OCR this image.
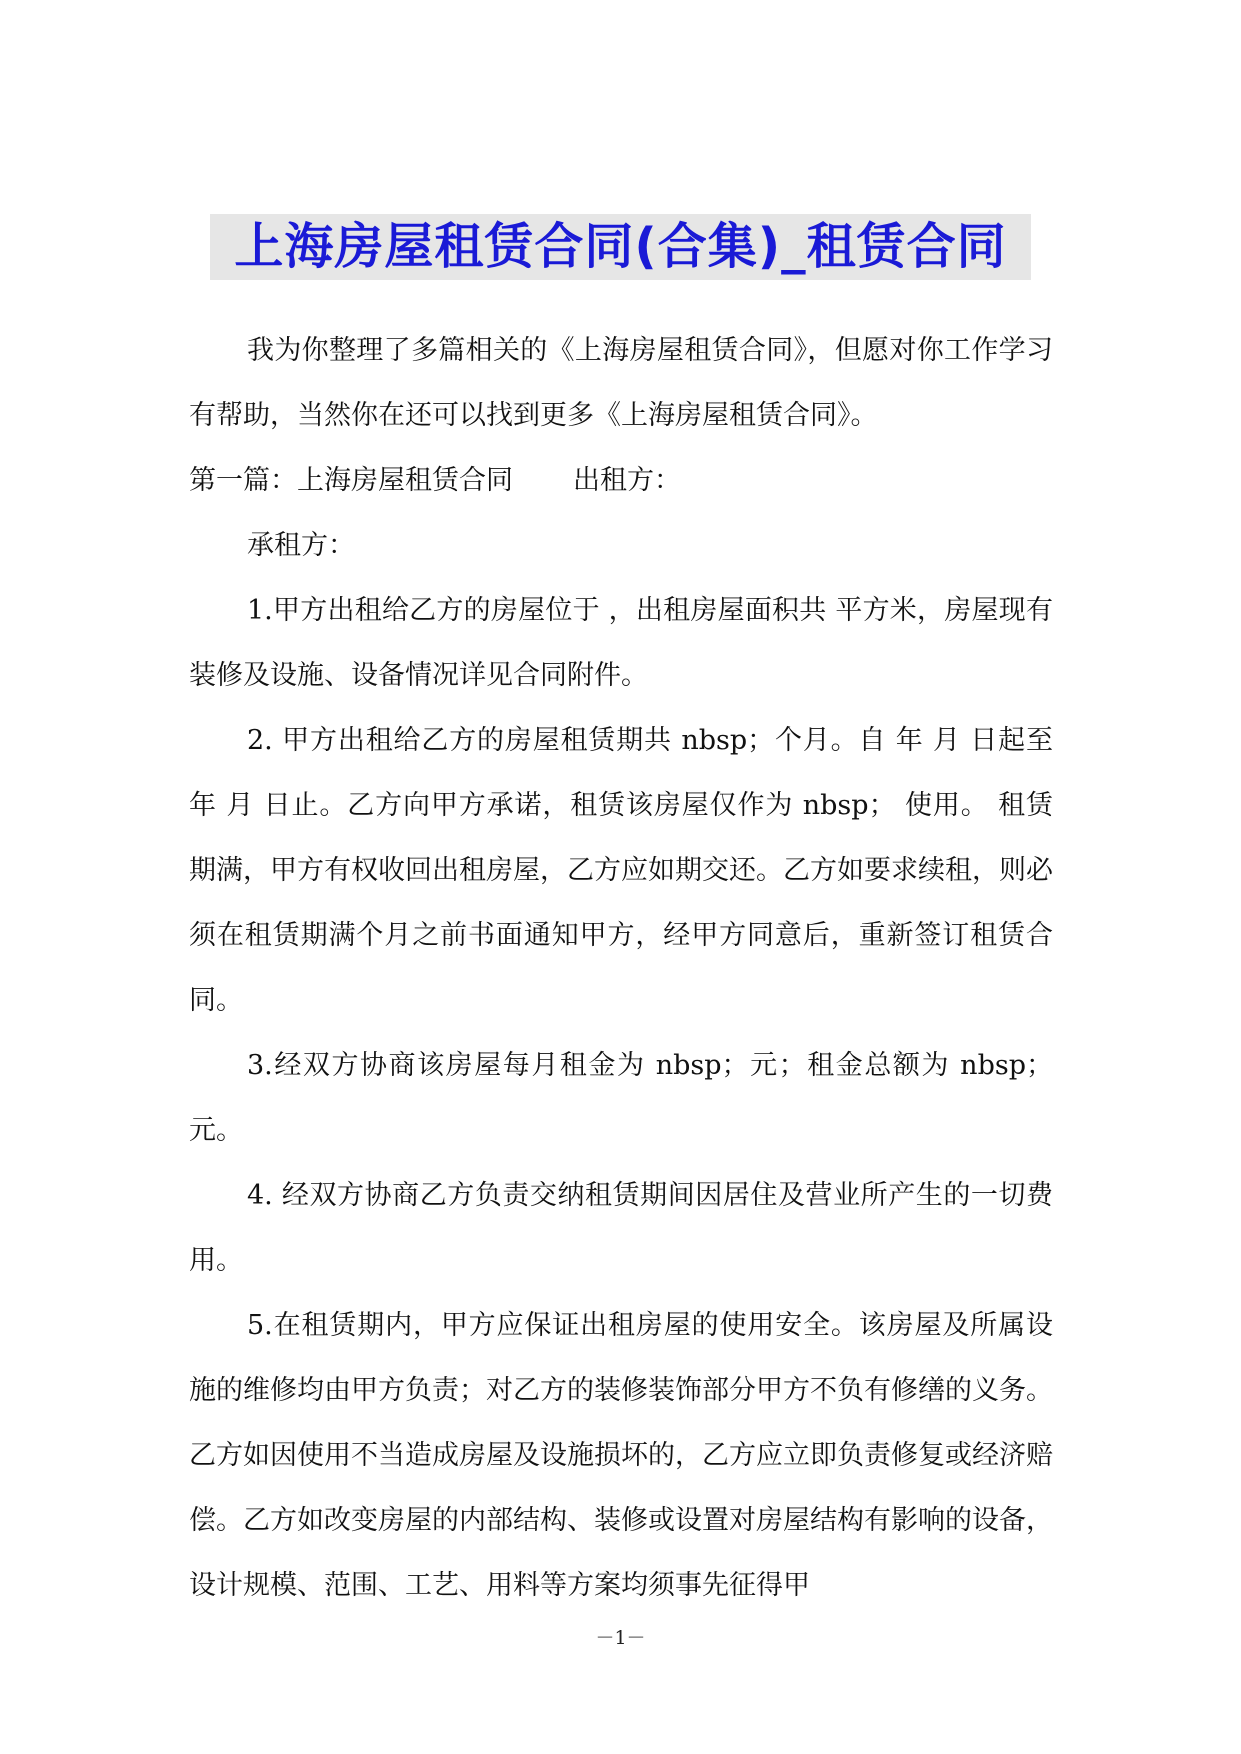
上海房屋租赁合同(合集)_租赁合同

我为你整理了多篇相关的《上海房屋租赁合同》，但愿对你工作学习有帮助，当然你在还可以找到更多《上海房屋租赁合同》。

第一篇：上海房屋租赁合同 出租方：

承租方：

1.甲方出租给乙方的房屋位于 ，出租房屋面积共 平方米，房屋现有装修及设施、设备情况详见合同附件。

2. 甲方出租给乙方的房屋租赁期共 nbsp；个月。自 年 月 日起至 年 月 日止。乙方向甲方承诺，租赁该房屋仅作为 nbsp； 使用。 租赁期满，甲方有权收回出租房屋，乙方应如期交还。乙方如要求续租，则必须在租赁期满个月之前书面通知甲方，经甲方同意后，重新签订租赁合同。

3.经双方协商该房屋每月租金为 nbsp；元；租金总额为 nbsp；元。

4. 经双方协商乙方负责交纳租赁期间因居住及营业所产生的一切费用。

5.在租赁期内，甲方应保证出租房屋的使用安全。该房屋及所属设施的维修均由甲方负责；对乙方的装修装饰部分甲方不负有修缮的义务。乙方如因使用不当造成房屋及设施损坏的，乙方应立即负责修复或经济赔偿。乙方如改变房屋的内部结构、装修或设置对房屋结构有影响的设备，设计规模、范围、工艺、用料等方案均须事先征得甲

－1－
